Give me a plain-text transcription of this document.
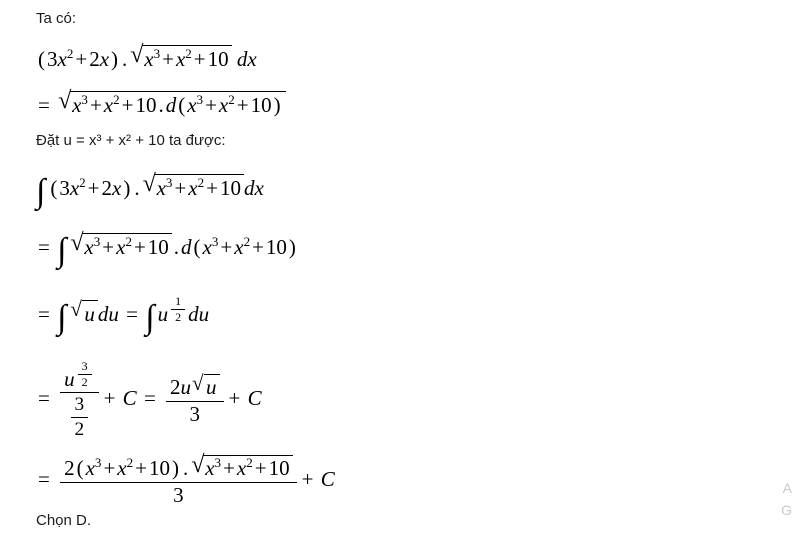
Ta có:
$(3x^2+2x)$ . √ $x^3+x^2+10$ dx
= √ $x^3+x^2+10.d(x^3+x^2+10)$
Đặt u = x³ + x² + 10 ta được:
∫ $(3x^2+2x)$ . √ $x^3+x^2+10$ dx
= ∫ √ $x^3+x^2+10$ $.d(x^3+x^2+10)$
= ∫ √ u du = ∫ u $^{\frac{1}{2}}$ du
= u $^{\frac{3}{2}}$
$\frac{3}{2} + C = \frac{2u √ u}{3} + C$
= $\frac{2(x^3+x^2+10) . √ x^3+x^2+10}{3} + C$
Chọn D.
A
G
